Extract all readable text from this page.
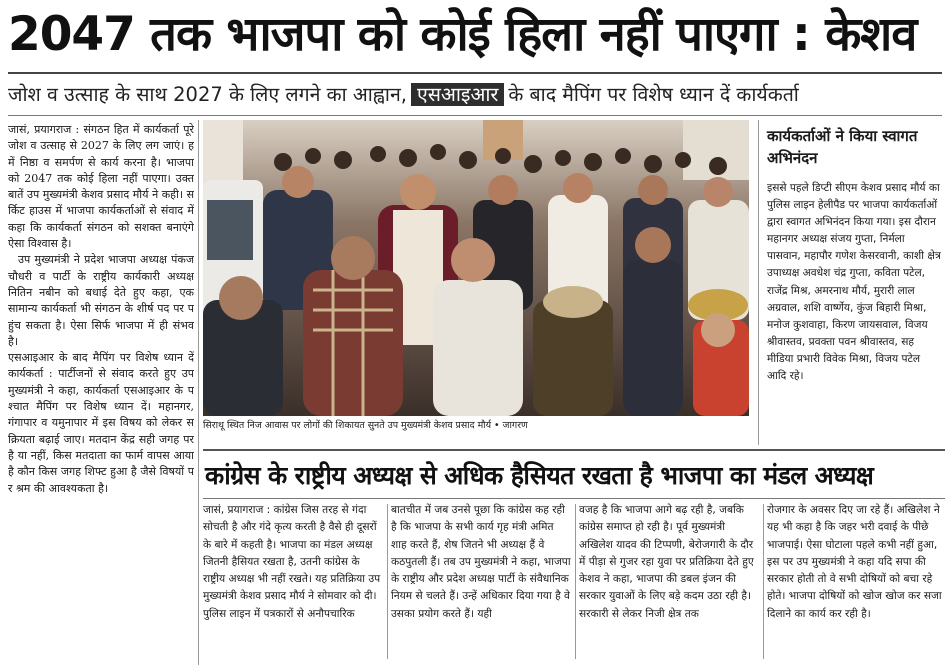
2047 तक भाजपा को कोई हिला नहीं पाएगा : केशव
जोश व उत्साह के साथ 2027 के लिए लगने का आह्वान, एसआइआर के बाद मैपिंग पर विशेष ध्यान दें कार्यकर्ता

जासं, प्रयागराज : संगठन हित में कार्यकर्ता पूरे जोश व उत्साह से 2027 के लिए लग जाएं। हमें निष्ठा व समर्पण से कार्य करना है। भाजपा को 2047 तक कोई हिला नहीं पाएगा। उक्त बातें उप मुख्यमंत्री केशव प्रसाद मौर्य ने कही। सर्किट हाउस में भाजपा कार्यकर्ताओं से संवाद में कहा कि कार्यकर्ता संगठन को सशक्त बनाएंगे ऐसा विश्वास है।

उप मुख्यमंत्री ने प्रदेश भाजपा अध्यक्ष पंकज चौधरी व पार्टी के राष्ट्रीय कार्यकारी अध्यक्ष नितिन नबीन को बधाई देते हुए कहा, एक सामान्य कार्यकर्ता भी संगठन के शीर्ष पद पर पहुंच सकता है। ऐसा सिर्फ भाजपा में ही संभव है।

एसआइआर के बाद मैपिंग पर विशेष ध्यान दें कार्यकर्ता : पार्टीजनों से संवाद करते हुए उपमुख्यमंत्री ने कहा, कार्यकर्ता एसआइआर के पश्चात मैपिंग पर विशेष ध्यान दें। महानगर, गंगापार व यमुनापार में इस विषय को लेकर सक्रियता बढ़ाई जाए। मतदान केंद्र सही जगह पर है या नहीं, किस मतदाता का फार्म वापस आया है कौन किस जगह शिफ्ट हुआ है जैसे विषयों पर श्रम की आवश्यकता है।

सिराथू स्थित निज आवास पर लोगों की शिकायत सुनते उप मुख्यमंत्री केशव प्रसाद मौर्य • जागरण
कार्यकर्ताओं ने किया स्वागत अभिनंदन
इससे पहले डिप्टी सीएम केशव प्रसाद मौर्य का पुलिस लाइन हेलीपैड पर भाजपा कार्यकर्ताओं द्वारा स्वागत अभिनंदन किया गया। इस दौरान महानगर अध्यक्ष संजय गुप्ता, निर्मला पासवान, महापौर गणेश केसरवानी, काशी क्षेत्र उपाध्यक्ष अवधेश चंद्र गुप्ता, कविता पटेल, राजेंद्र मिश्र, अमरनाथ मौर्य, मुरारी लाल अग्रवाल, शशि वार्ष्णेय, कुंज बिहारी मिश्रा, मनोज कुशवाहा, किरण जायसवाल, विजय श्रीवास्तव, प्रवक्ता पवन श्रीवास्तव, सह मीडिया प्रभारी विवेक मिश्रा, विजय पटेल आदि रहे।
कांग्रेस के राष्ट्रीय अध्यक्ष से अधिक हैसियत रखता है भाजपा का मंडल अध्यक्ष
जासं, प्रयागराज : कांग्रेस जिस तरह से गंदा सोचती है और गंदे कृत्य करती है वैसे ही दूसरों के बारे में कहती है। भाजपा का मंडल अध्यक्ष जितनी हैसियत रखता है, उतनी कांग्रेस के राष्ट्रीय अध्यक्ष भी नहीं रखते। यह प्रतिक्रिया उप मुख्यमंत्री केशव प्रसाद मौर्य ने सोमवार को दी। पुलिस लाइन में पत्रकारों से अनौपचारिक
बातचीत में जब उनसे पूछा कि कांग्रेस कह रही है कि भाजपा के सभी कार्य गृह मंत्री अमित शाह करते हैं, शेष जितने भी अध्यक्ष हैं वे कठपुतली हैं। तब उप मुख्यमंत्री ने कहा, भाजपा के राष्ट्रीय और प्रदेश अध्यक्ष पार्टी के संवैधानिक नियम से चलते हैं। उन्हें अधिकार दिया गया है वे उसका प्रयोग करते हैं। यही
वजह है कि भाजपा आगे बढ़ रही है, जबकि कांग्रेस समाप्त हो रही है। पूर्व मुख्यमंत्री अखिलेश यादव की टिप्पणी, बेरोजगारी के दौर में पीड़ा से गुजर रहा युवा पर प्रतिक्रिया देते हुए केशव ने कहा, भाजपा की डबल इंजन की सरकार युवाओं के लिए बड़े कदम उठा रही है। सरकारी से लेकर निजी क्षेत्र तक
रोजगार के अवसर दिए जा रहे हैं। अखिलेश ने यह भी कहा है कि जहर भरी दवाई के पीछे भाजपाई। ऐसा घोटाला पहले कभी नहीं हुआ, इस पर उप मुख्यमंत्री ने कहा यदि सपा की सरकार होती तो वे सभी दोषियों को बचा रहे होते। भाजपा दोषियों को खोज खोज कर सजा दिलाने का कार्य कर रही है।
